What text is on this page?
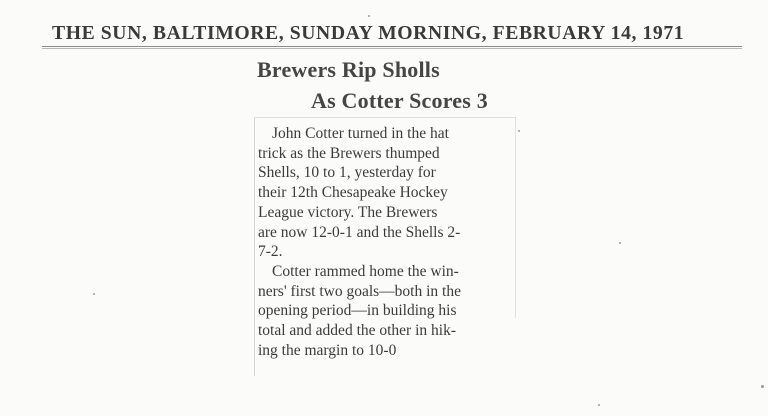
THE SUN, BALTIMORE, SUNDAY MORNING, FEBRUARY 14, 1971
Brewers Rip Sholls
As Cotter Scores 3
John Cotter turned in the hat
trick as the Brewers thumped
Shells, 10 to 1, yesterday for
their 12th Chesapeake Hockey
League victory. The Brewers
are now 12-0-1 and the Shells 2-
7-2.
Cotter rammed home the win-
ners' first two goals—both in the
opening period—in building his
total and added the other in hik-
ing the margin to 10-0
